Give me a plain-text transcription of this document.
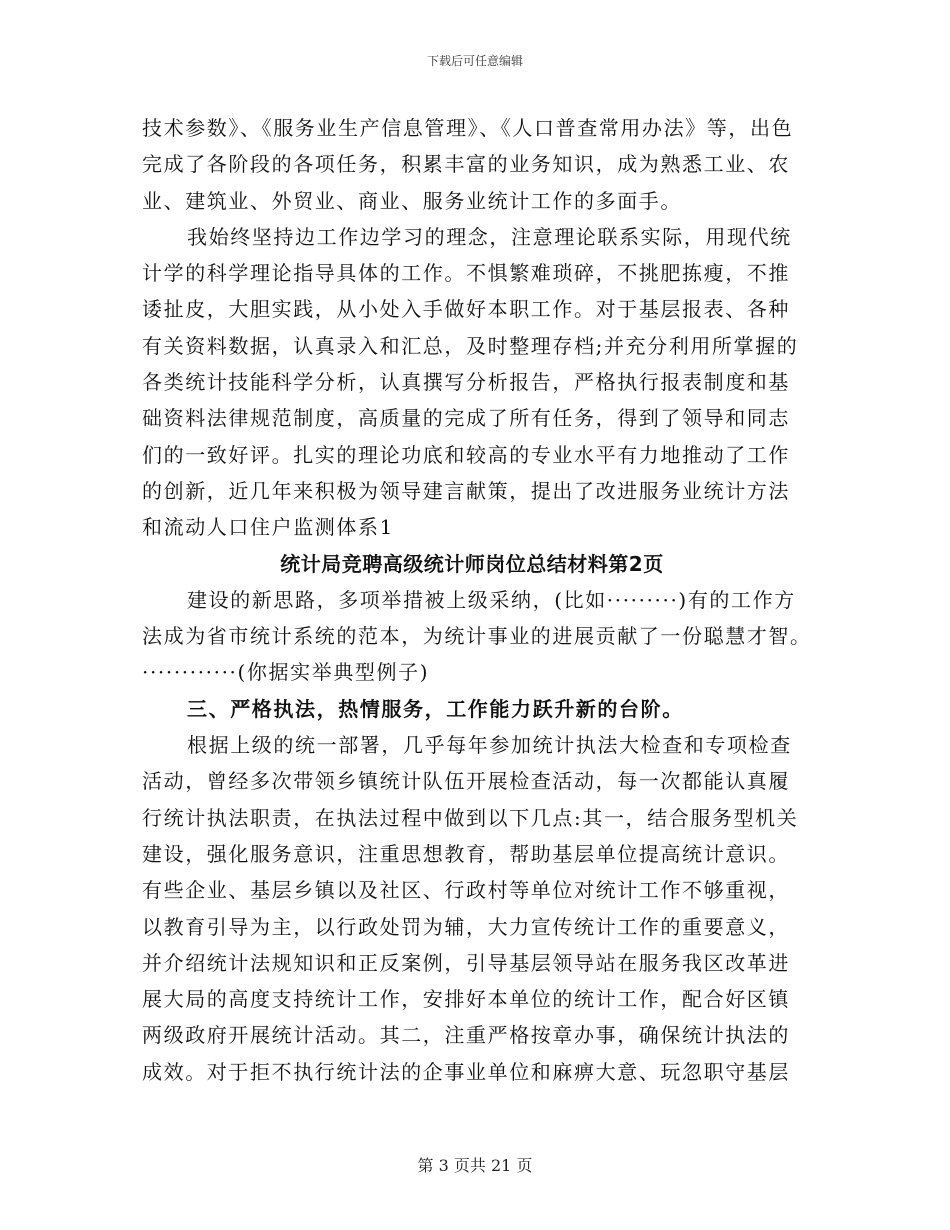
下载后可任意编辑

技术参数》、《服务业生产信息管理》、《人口普查常用办法》等，出色完成了各阶段的各项任务，积累丰富的业务知识，成为熟悉工业、农业、建筑业、外贸业、商业、服务业统计工作的多面手。

我始终坚持边工作边学习的理念，注意理论联系实际，用现代统计学的科学理论指导具体的工作。不惧繁难琐碎，不挑肥拣瘦，不推诿扯皮，大胆实践，从小处入手做好本职工作。对于基层报表、各种有关资料数据，认真录入和汇总，及时整理存档;并充分利用所掌握的各类统计技能科学分析，认真撰写分析报告，严格执行报表制度和基础资料法律规范制度，高质量的完成了所有任务，得到了领导和同志们的一致好评。扎实的理论功底和较高的专业水平有力地推动了工作的创新，近几年来积极为领导建言献策，提出了改进服务业统计方法和流动人口住户监测体系1

统计局竞聘高级统计师岗位总结材料第2页

建设的新思路，多项举措被上级采纳，(比如·········)有的工作方法成为省市统计系统的范本，为统计事业的进展贡献了一份聪慧才智。············(你据实举典型例子)

三、严格执法，热情服务，工作能力跃升新的台阶。

根据上级的统一部署，几乎每年参加统计执法大检查和专项检查活动，曾经多次带领乡镇统计队伍开展检查活动，每一次都能认真履行统计执法职责，在执法过程中做到以下几点:其一，结合服务型机关建设，强化服务意识，注重思想教育，帮助基层单位提高统计意识。有些企业、基层乡镇以及社区、行政村等单位对统计工作不够重视，以教育引导为主，以行政处罚为辅，大力宣传统计工作的重要意义，并介绍统计法规知识和正反案例，引导基层领导站在服务我区改革进展大局的高度支持统计工作，安排好本单位的统计工作，配合好区镇两级政府开展统计活动。其二，注重严格按章办事，确保统计执法的成效。对于拒不执行统计法的企事业单位和麻痹大意、玩忽职守基层

第 3 页共 21 页
